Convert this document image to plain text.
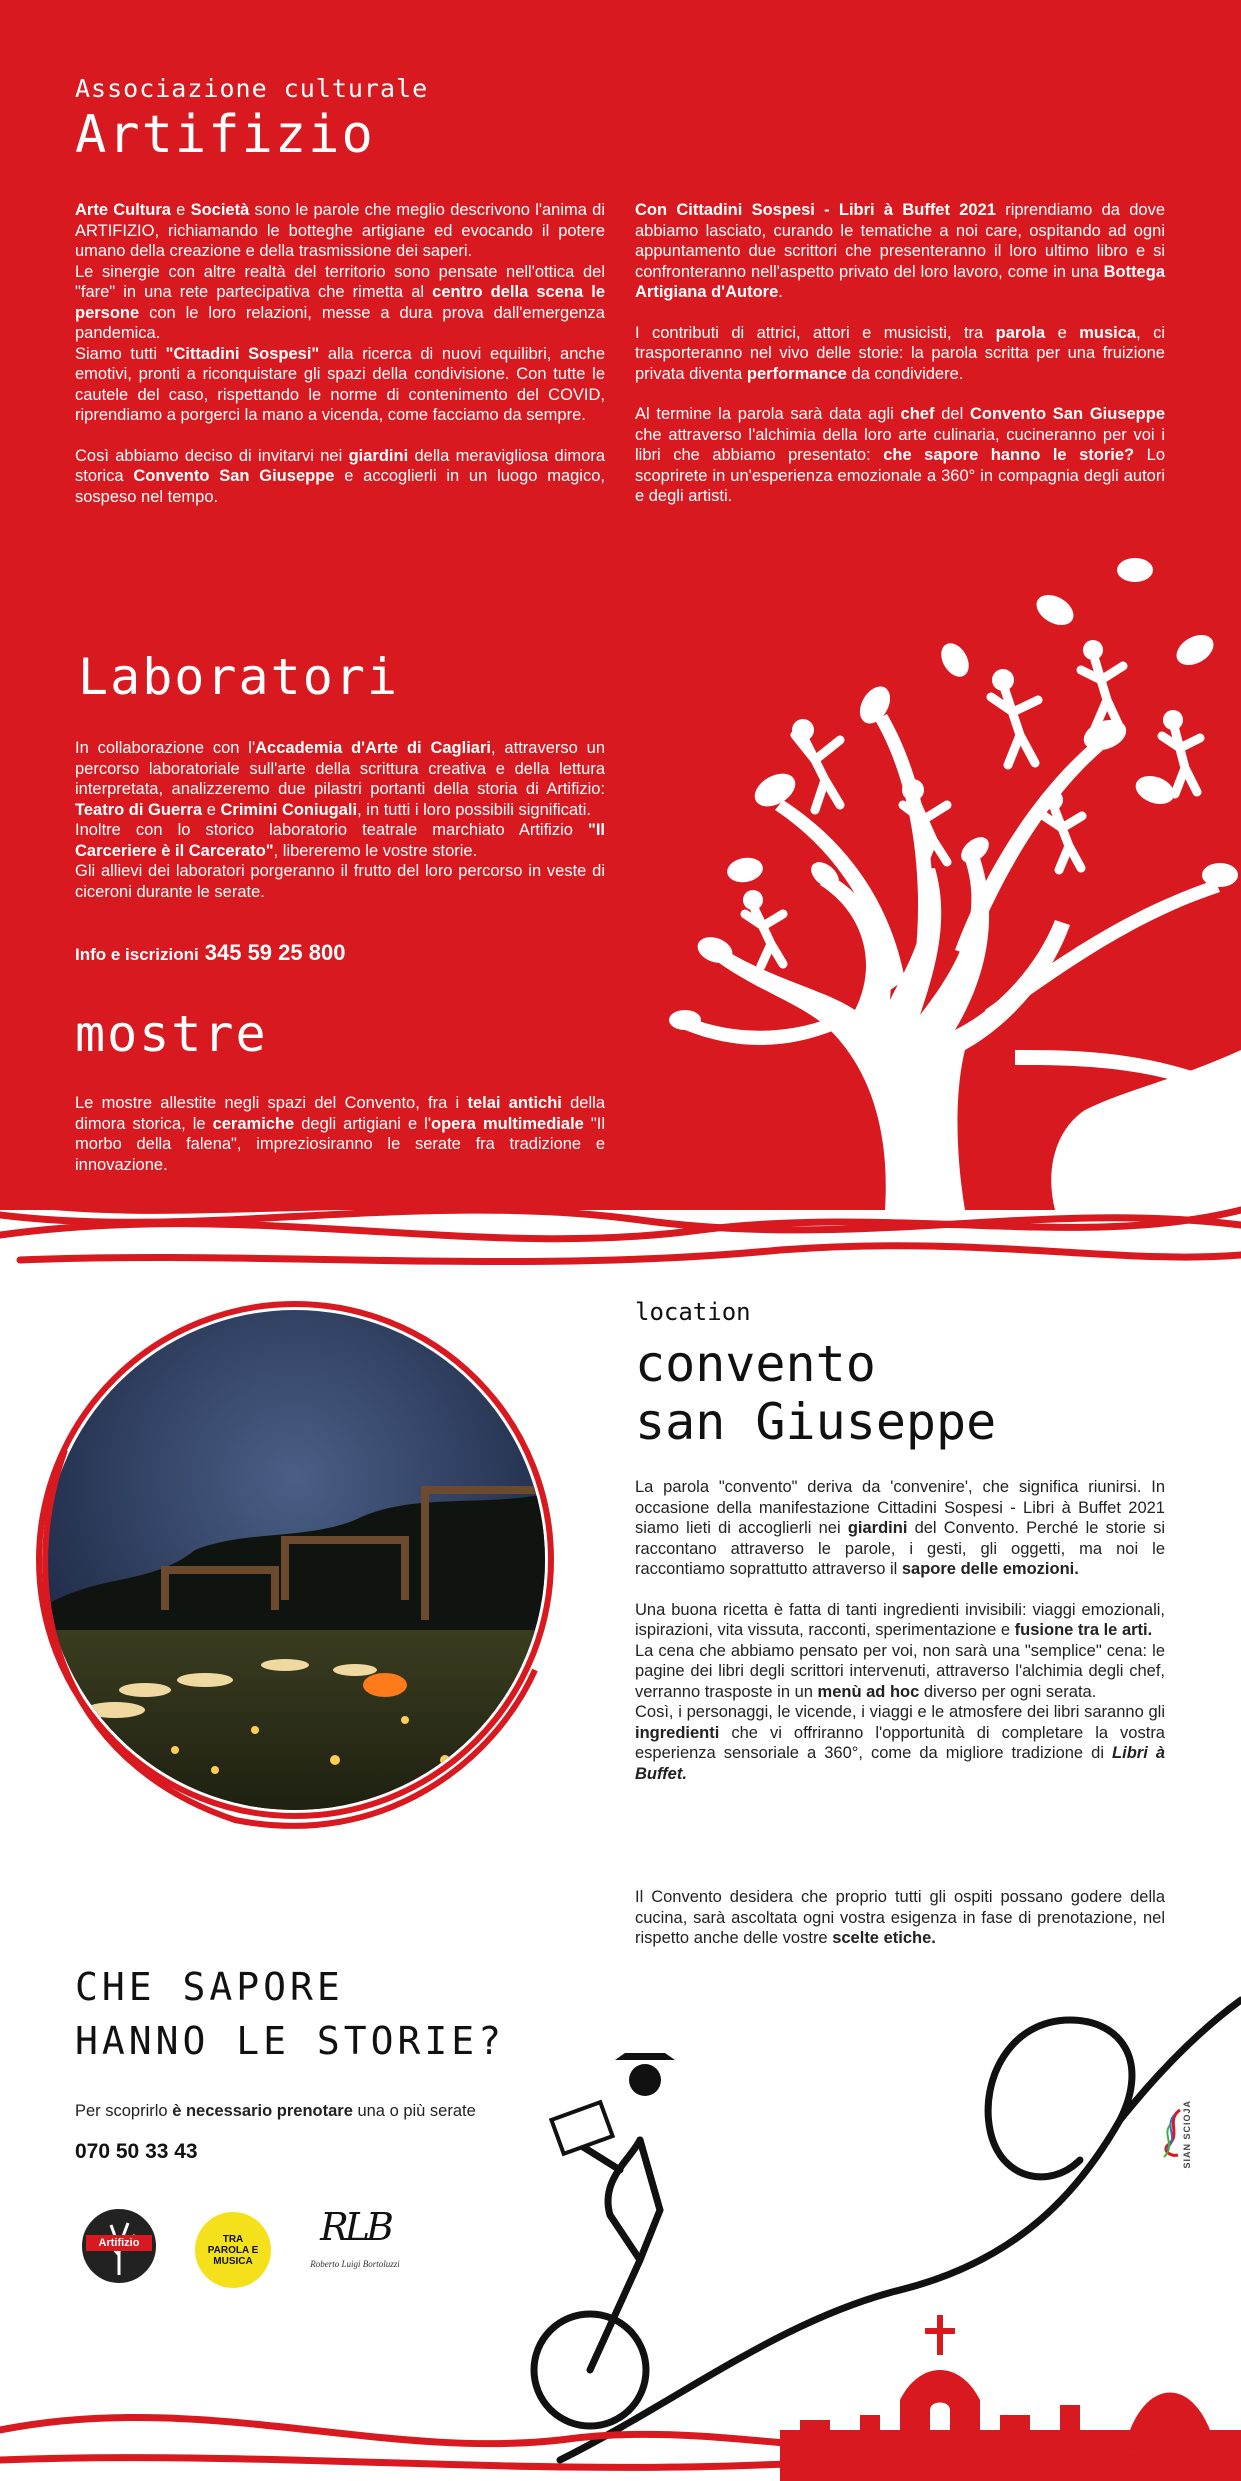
Associazione culturale
Artifizio

Arte Cultura e Società sono le parole che meglio descrivono l'anima di ARTIFIZIO, richiamando le botteghe artigiane ed evocando il potere umano della creazione e della trasmissione dei saperi.

Le sinergie con altre realtà del territorio sono pensate nell'ottica del "fare" in una rete partecipativa che rimetta al centro della scena le persone con le loro relazioni, messe a dura prova dall'emergenza pandemica.

Siamo tutti "Cittadini Sospesi" alla ricerca di nuovi equilibri, anche emotivi, pronti a riconquistare gli spazi della condivisione. Con tutte le cautele del caso, rispettando le norme di contenimento del COVID, riprendiamo a porgerci la mano a vicenda, come facciamo da sempre.

Così abbiamo deciso di invitarvi nei giardini della meravigliosa dimora storica Convento San Giuseppe e accoglierli in un luogo magico, sospeso nel tempo.

Con Cittadini Sospesi - Libri à Buffet 2021 riprendiamo da dove abbiamo lasciato, curando le tematiche a noi care, ospitando ad ogni appuntamento due scrittori che presenteranno il loro ultimo libro e si confronteranno nell'aspetto privato del loro lavoro, come in una Bottega Artigiana d'Autore.

I contributi di attrici, attori e musicisti, tra parola e musica, ci trasporteranno nel vivo delle storie: la parola scritta per una fruizione privata diventa performance da condividere.

Al termine la parola sarà data agli chef del Convento San Giuseppe che attraverso l'alchimia della loro arte culinaria, cucineranno per voi i libri che abbiamo presentato: che sapore hanno le storie? Lo scoprirete in un'esperienza emozionale a 360° in compagnia degli autori e degli artisti.

Laboratori

In collaborazione con l'Accademia d'Arte di Cagliari, attraverso un percorso laboratoriale sull'arte della scrittura creativa e della lettura interpretata, analizzeremo due pilastri portanti della storia di Artifizio: Teatro di Guerra e Crimini Coniugali, in tutti i loro possibili significati.

Inoltre con lo storico laboratorio teatrale marchiato Artifizio "Il Carceriere è il Carcerato", libereremo le vostre storie.

Gli allievi dei laboratori porgeranno il frutto del loro percorso in veste di ciceroni durante le serate.

Info e iscrizioni 345 59 25 800
mostre

Le mostre allestite negli spazi del Convento, fra i telai antichi della dimora storica, le ceramiche degli artigiani e l'opera multimediale "Il morbo della falena", impreziosiranno le serate fra tradizione e innovazione.

location
convento
san Giuseppe

La parola "convento" deriva da 'convenire', che significa riunirsi. In occasione della manifestazione Cittadini Sospesi - Libri à Buffet 2021 siamo lieti di accoglierli nei giardini del Convento. Perché le storie si raccontano attraverso le parole, i gesti, gli oggetti, ma noi le raccontiamo soprattutto attraverso il sapore delle emozioni.

Una buona ricetta è fatta di tanti ingredienti invisibili: viaggi emozionali, ispirazioni, vita vissuta, racconti, sperimentazione e fusione tra le arti.

La cena che abbiamo pensato per voi, non sarà una "semplice" cena: le pagine dei libri degli scrittori intervenuti, attraverso l'alchimia degli chef, verranno trasposte in un menù ad hoc diverso per ogni serata.

Così, i personaggi, le vicende, i viaggi e le atmosfere dei libri saranno gli ingredienti che vi offriranno l'opportunità di completare la vostra esperienza sensoriale a 360°, come da migliore tradizione di Libri à Buffet.

Il Convento desidera che proprio tutti gli ospiti possano godere della cucina, sarà ascoltata ogni vostra esigenza in fase di prenotazione, nel rispetto anche delle vostre scelte etiche.

CHE SAPORE
HANNO LE STORIE?
Per scoprirlo è necessario prenotare una o più serate
070 50 33 43
Artifizio	TRA PAROLA E MUSICA
RLB
Roberto Luigi Bortoluzzi
SIAN SCIOJA
